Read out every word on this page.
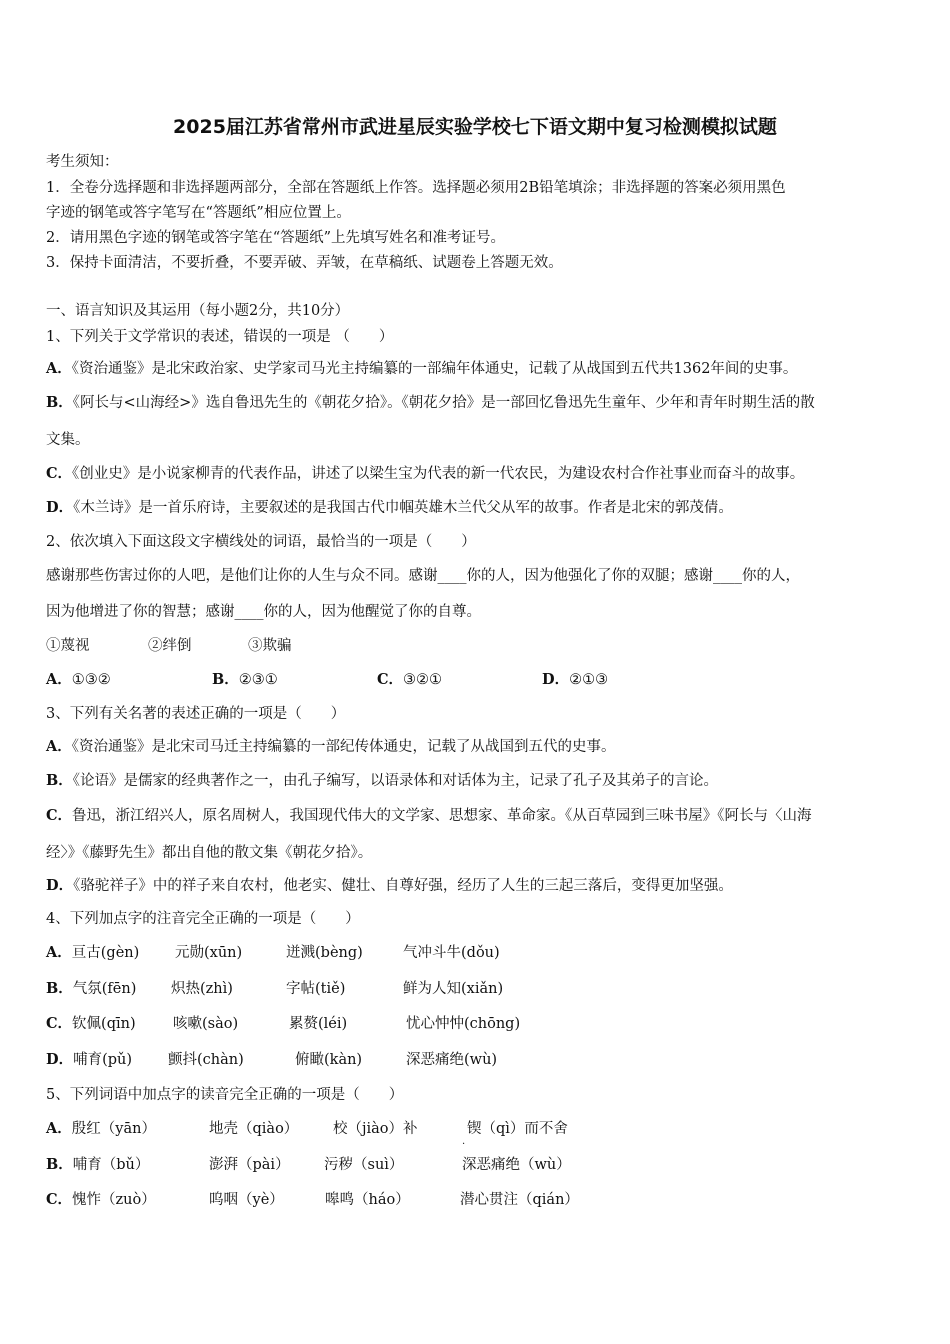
2025届江苏省常州市武进星辰实验学校七下语文期中复习检测模拟试题
考生须知：
1．全卷分选择题和非选择题两部分，全部在答题纸上作答。选择题必须用2B铅笔填涂；非选择题的答案必须用黑色
字迹的钢笔或答字笔写在“答题纸”相应位置上。
2．请用黑色字迹的钢笔或答字笔在“答题纸”上先填写姓名和准考证号。
3．保持卡面清洁，不要折叠，不要弄破、弄皱，在草稿纸、试题卷上答题无效。
一、语言知识及其运用（每小题2分，共10分）
1、下列关于文学常识的表述，错误的一项是 （　　）
A．《资治通鉴》是北宋政治家、史学家司马光主持编纂的一部编年体通史，记载了从战国到五代共1362年间的史事。
B．《阿长与<山海经>》选自鲁迅先生的《朝花夕拾》。《朝花夕拾》是一部回忆鲁迅先生童年、少年和青年时期生活的散
文集。
C．《创业史》是小说家柳青的代表作品，讲述了以梁生宝为代表的新一代农民，为建设农村合作社事业而奋斗的故事。
D．《木兰诗》是一首乐府诗，主要叙述的是我国古代巾帼英雄木兰代父从军的故事。作者是北宋的郭茂倩。
2、依次填入下面这段文字横线处的词语，最恰当的一项是（　　）
感谢那些伤害过你的人吧，是他们让你的人生与众不同。感谢____你的人，因为他强化了你的双腿；感谢____你的人，
因为他增进了你的智慧；感谢____你的人，因为他醒觉了你的自尊。
①蔑视	②绊倒	③欺骗
A．①③②	B．②③①	C．③②①	D．②①③
3、下列有关名著的表述正确的一项是（　　）
A．《资治通鉴》是北宋司马迁主持编纂的一部纪传体通史，记载了从战国到五代的史事。
B．《论语》是儒家的经典著作之一，由孔子编写，以语录体和对话体为主，记录了孔子及其弟子的言论。
C．鲁迅，浙江绍兴人，原名周树人，我国现代伟大的文学家、思想家、革命家。《从百草园到三味书屋》《阿长与〈山海
经〉》《藤野先生》都出自他的散文集《朝花夕拾》。
D．《骆驼祥子》中的祥子来自农村，他老实、健壮、自尊好强，经历了人生的三起三落后，变得更加坚强。
4、下列加点字的注音完全正确的一项是（　　）
A．亘古(gèn) 元勋(xūn)	迸溅(bèng)	气冲斗牛(dǒu)
B．气氛(fēn) 炽热(zhì)	字帖(tiě)	鲜为人知(xiǎn)
C．钦佩(qīn)	咳嗽(sào)	累赘(léi)	忧心忡忡(chōng)
D．哺育(pǔ) 颤抖(chàn)	俯瞰(kàn)	深恶痛绝(wù)
5、下列词语中加点字的读音完全正确的一项是（　　）
A．殷红（yān）	地壳（qiào） 校（jiào）补	锲（qì）而不舍
.
B．哺育（bǔ）	澎湃（pài） 污秽（suì）	深恶痛绝（wù）
C．愧怍（zuò）	呜咽（yè）	嗥鸣（háo）	潜心贯注（qián）
